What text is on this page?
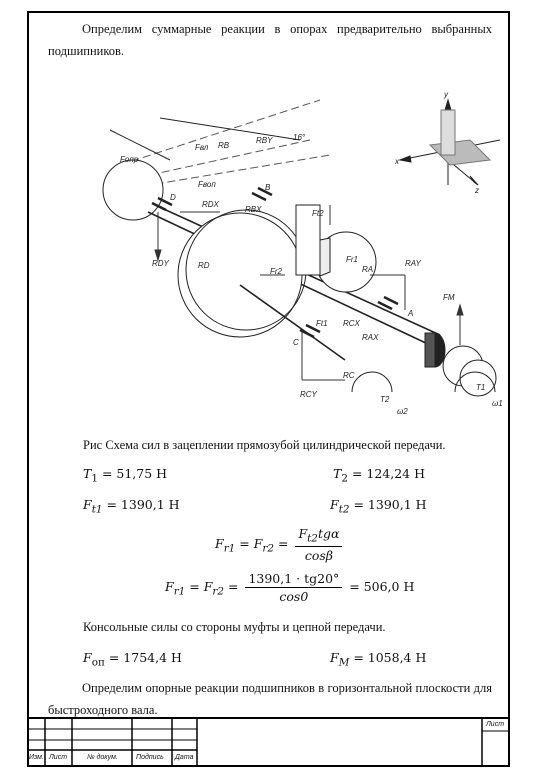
Определим суммарные реакции в опорах предварительно выбранных подшипников.

y
x
z
16°
Fопр
Fвл RB
RBY
Fвоп	B
D
RDX
RBX
RDY	RD
Ft2
Fr2
Fr1
RA
RAY
FM
Ft1 RCX
RAX
A
C
RC
RCY
T2
T1
ω2
ω1
Рис Схема сил в зацеплении прямозубой цилиндрической передачи.
$T_1 = 51,75$ Н	$T_2 = 124,24$ Н
$F_{t1} = 1390,1$ Н	$F_{t2} = 1390,1$ Н
$F_{r1} = F_{r2} = \frac{F_{t2}tg\alpha}{\cos\beta}$
$F_{r1} = F_{r2} = \frac{1390,1 \cdot tg20^\circ}{\cos 0} = 506,0$ Н
Консольные силы со стороны муфты и цепной передачи.
$F_{оп} = 1754,4$ Н	$F_M = 1058,4$ Н

Определим опорные реакции подшипников в горизонтальной плоскости для быстроходного вала.

Изм. Лист	№ докум.	Подпись Дата
Лист
